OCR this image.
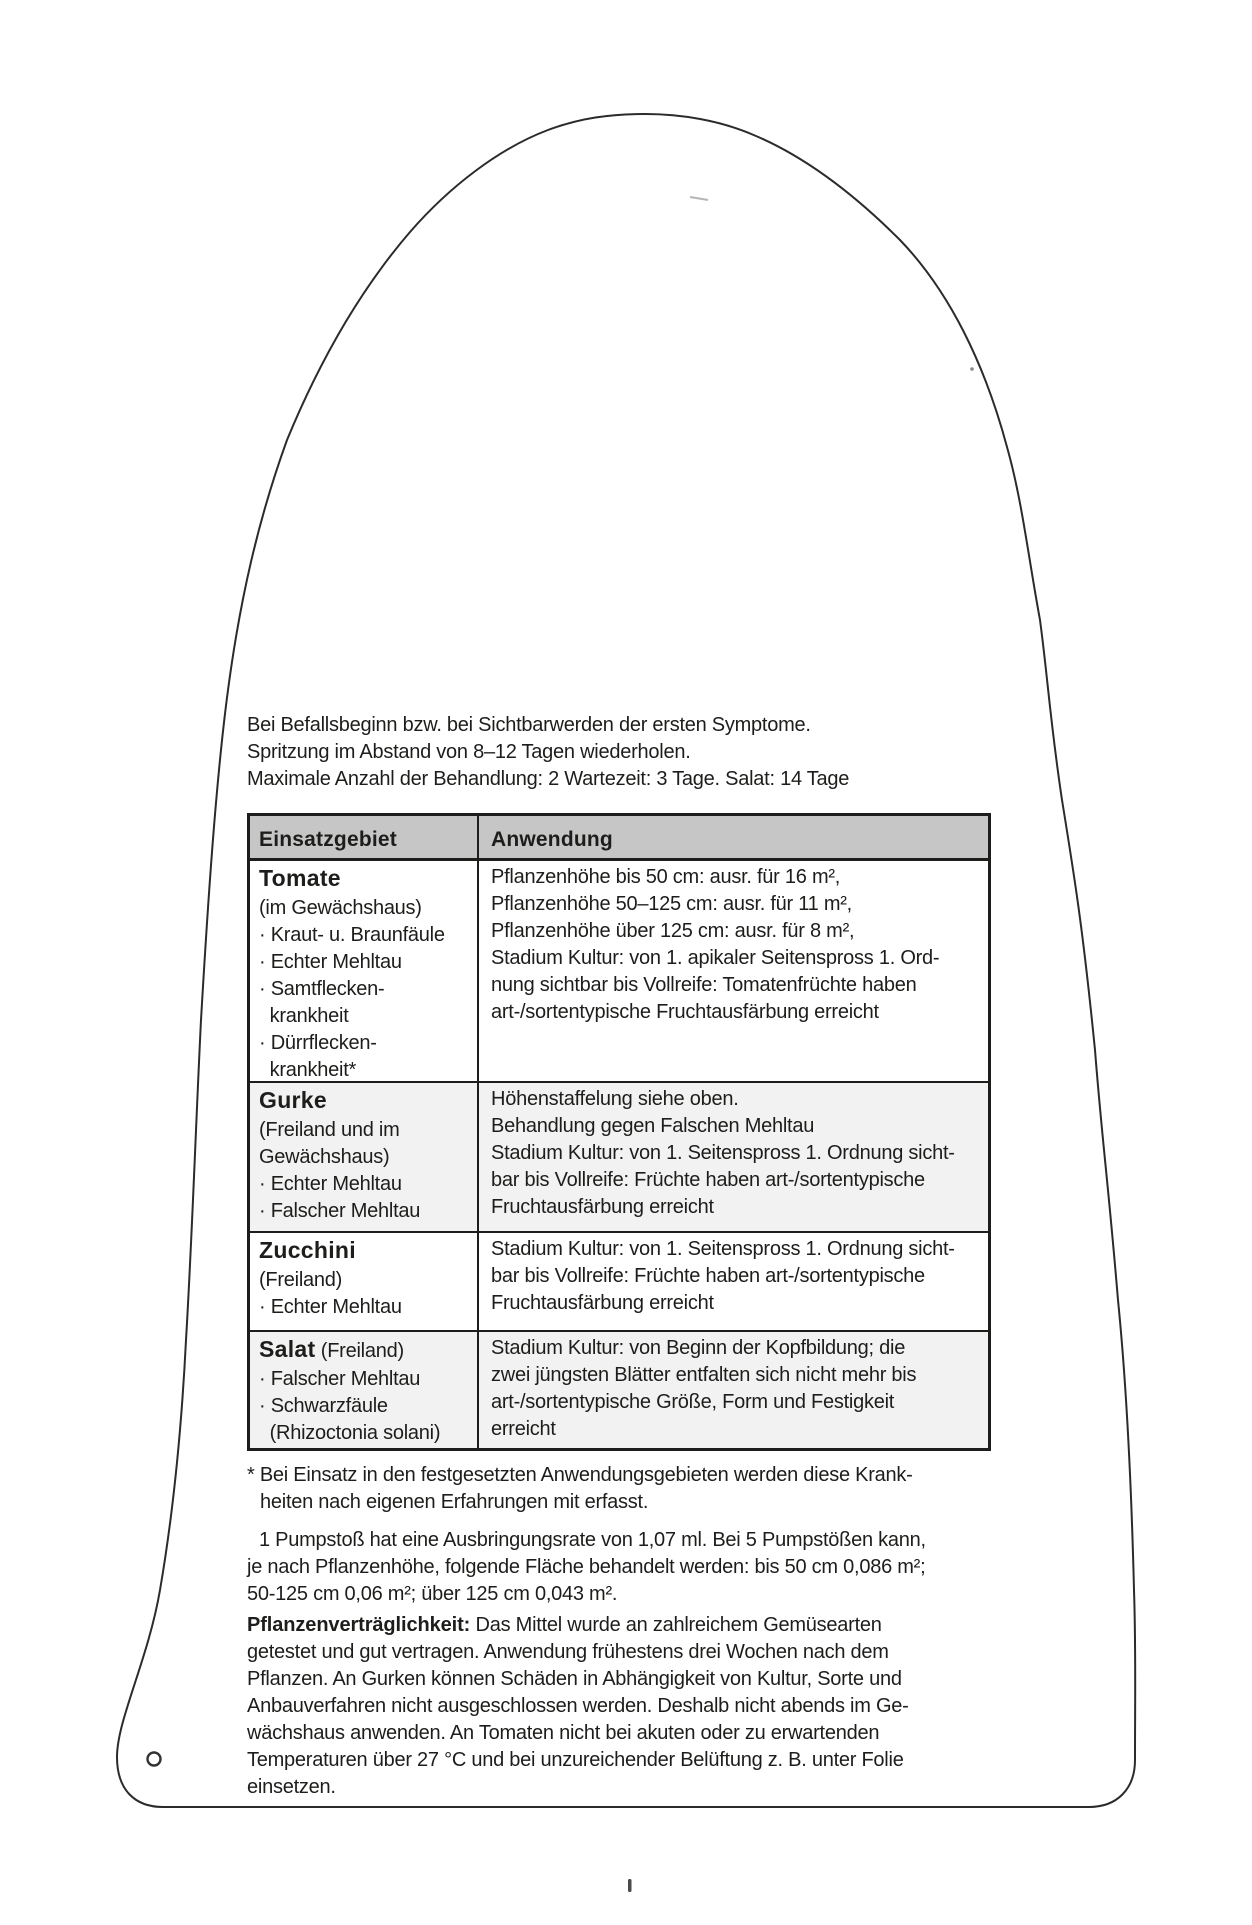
Bei Befallsbeginn bzw. bei Sichtbarwerden der ersten Symptome.
Spritzung im Abstand von 8–12 Tagen wiederholen.
Maximale Anzahl der Behandlung: 2 Wartezeit: 3 Tage. Salat: 14 Tage
Einsatzgebiet	Anwendung
Tomate
(im Gewächshaus)
· Kraut- u. Braunfäule
· Echter Mehltau
· Samtflecken-
krankheit
· Dürrflecken-
krankheit*
Pflanzenhöhe bis 50 cm: ausr. für 16 m²,
Pflanzenhöhe 50–125 cm: ausr. für 11 m²,
Pflanzenhöhe über 125 cm: ausr. für 8 m²,
Stadium Kultur: von 1. apikaler Seitenspross 1. Ord-
nung sichtbar bis Vollreife: Tomatenfrüchte haben
art-/sortentypische Fruchtausfärbung erreicht
Gurke
(Freiland und im
Gewächshaus)
· Echter Mehltau
· Falscher Mehltau
Höhenstaffelung siehe oben.
Behandlung gegen Falschen Mehltau
Stadium Kultur: von 1. Seitenspross 1. Ordnung sicht-
bar bis Vollreife: Früchte haben art-/sortentypische
Fruchtausfärbung erreicht
Zucchini
(Freiland)
· Echter Mehltau
Stadium Kultur: von 1. Seitenspross 1. Ordnung sicht-
bar bis Vollreife: Früchte haben art-/sortentypische
Fruchtausfärbung erreicht
Salat (Freiland)
· Falscher Mehltau
· Schwarzfäule
(Rhizoctonia solani)
Stadium Kultur: von Beginn der Kopfbildung; die
zwei jüngsten Blätter entfalten sich nicht mehr bis
art-/sortentypische Größe, Form und Festigkeit
erreicht
* Bei Einsatz in den festgesetzten Anwendungsgebieten werden diese Krank-
heiten nach eigenen Erfahrungen mit erfasst.
1 Pumpstoß hat eine Ausbringungsrate von 1,07 ml. Bei 5 Pumpstößen kann,
je nach Pflanzenhöhe, folgende Fläche behandelt werden: bis 50 cm 0,086 m²;
50-125 cm 0,06 m²; über 125 cm 0,043 m².
Pflanzenverträglichkeit: Das Mittel wurde an zahlreichem Gemüsearten
getestet und gut vertragen. Anwendung frühestens drei Wochen nach dem
Pflanzen. An Gurken können Schäden in Abhängigkeit von Kultur, Sorte und
Anbauverfahren nicht ausgeschlossen werden. Deshalb nicht abends im Ge-
wächshaus anwenden. An Tomaten nicht bei akuten oder zu erwartenden
Temperaturen über 27 °C und bei unzureichender Belüftung z. B. unter Folie
einsetzen.
